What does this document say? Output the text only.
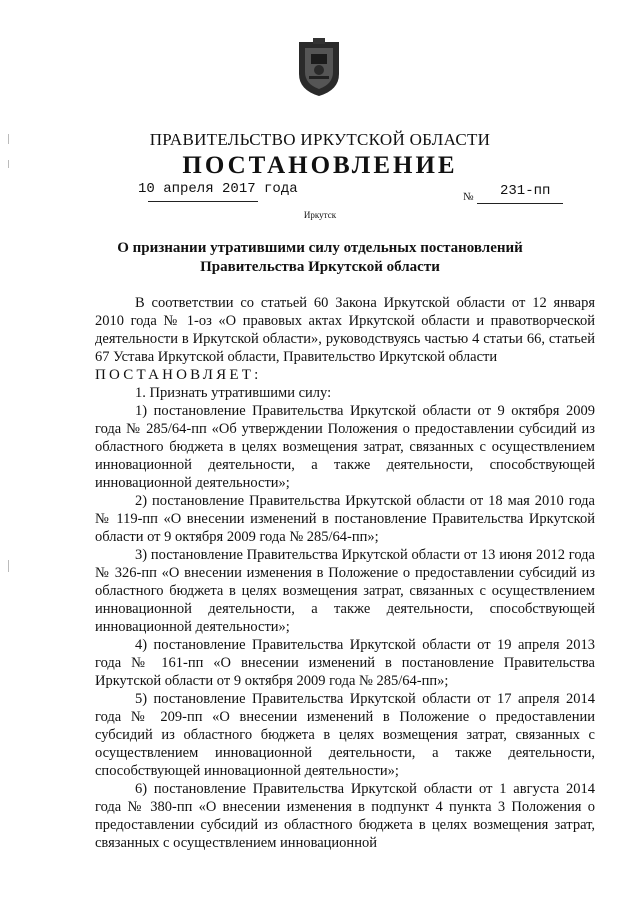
ПРАВИТЕЛЬСТВО ИРКУТСКОЙ ОБЛАСТИ
ПОСТАНОВЛЕНИЕ
10 апреля 2017 года	№ 231-пп
Иркутск
О признании утратившими силу отдельных постановлений
Правительства Иркутской области

В соответствии со статьей 60 Закона Иркутской области от 12 января 2010 года № 1-оз «О правовых актах Иркутской области и правотворческой деятельности в Иркутской области», руководствуясь частью 4 статьи 66, статьей 67 Устава Иркутской области, Правительство Иркутской области

ПОСТАНОВЛЯЕТ:

1. Признать утратившими силу:

1) постановление Правительства Иркутской области от 9 октября 2009 года № 285/64-пп «Об утверждении Положения о предоставлении субсидий из областного бюджета в целях возмещения затрат, связанных с осуществлением инновационной деятельности, а также деятельности, способствующей инновационной деятельности»;

2) постановление Правительства Иркутской области от 18 мая 2010 года № 119-пп «О внесении изменений в постановление Правительства Иркутской области от 9 октября 2009 года № 285/64-пп»;

3) постановление Правительства Иркутской области от 13 июня 2012 года № 326-пп «О внесении изменения в Положение о предоставлении субсидий из областного бюджета в целях возмещения затрат, связанных с осуществлением инновационной деятельности, а также деятельности, способствующей инновационной деятельности»;

4) постановление Правительства Иркутской области от 19 апреля 2013 года № 161-пп «О внесении изменений в постановление Правительства Иркутской области от 9 октября 2009 года № 285/64-пп»;

5) постановление Правительства Иркутской области от 17 апреля 2014 года № 209-пп «О внесении изменений в Положение о предоставлении субсидий из областного бюджета в целях возмещения затрат, связанных с осуществлением инновационной деятельности, а также деятельности, способствующей инновационной деятельности»;

6) постановление Правительства Иркутской области от 1 августа 2014 года № 380-пп «О внесении изменения в подпункт 4 пункта 3 Положения о предоставлении субсидий из областного бюджета в целях возмещения затрат, связанных с осуществлением инновационной
